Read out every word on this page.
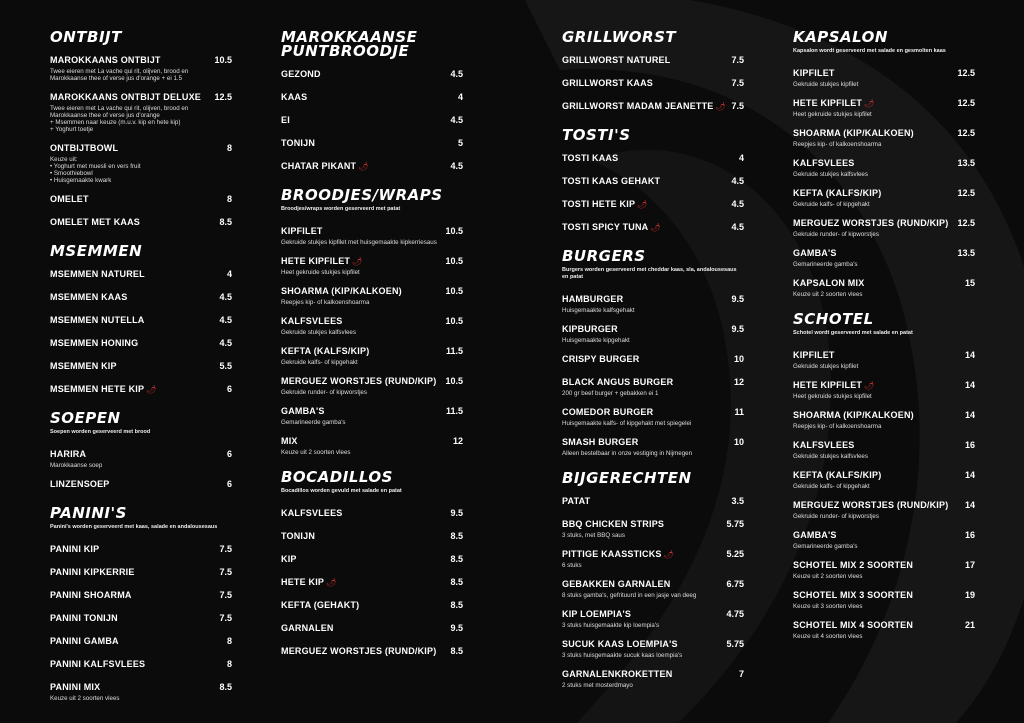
ONTBIJT
MAROKKAANS ONTBIJT	10.5
Twee eieren met La vache qui rit, olijven, brood en
Marokkaanse thee of verse jus d'orange + ei 1.5
MAROKKAANS ONTBIJT DELUXE 12.5
Twee eieren met La vache qui rit, olijven, brood en
Marokkaanse thee of verse jus d'orange
+ Msemmen naar keuze (m.u.v. kip en hete kip)
+ Yoghurt toetje
ONTBIJTBOWL	8
Keuze uit:
• Yoghurt met muesli en vers fruit
• Smoothiebowl
• Huisgemaakte kwark
OMELET	8
OMELET MET KAAS	8.5
MSEMMEN
MSEMMEN NATUREL	4
MSEMMEN KAAS	4.5
MSEMMEN NUTELLA	4.5
MSEMMEN HONING	4.5
MSEMMEN KIP	5.5
MSEMMEN HETE KIP 🌶	6
SOEPEN
Soepen worden geserveerd met brood
HARIRA	6
Marokkaanse soep
LINZENSOEP	6
PANINI'S
Panini's worden geserveerd met kaas, salade en andalousesaus
PANINI KIP	7.5
PANINI KIPKERRIE	7.5
PANINI SHOARMA	7.5
PANINI TONIJN	7.5
PANINI GAMBA	8
PANINI KALFSVLEES	8
PANINI MIX	8.5
Keuze uit 2 soorten vlees
MAROKKAANSE PUNTBROODJE
GEZOND	4.5
KAAS	4
EI	4.5
TONIJN	5
CHATAR PIKANT 🌶	4.5
BROODJES/WRAPS
Broodjes/wraps worden geserveerd met patat
KIPFILET	10.5
Gekruide stukjes kipfilet met huisgemaakte kipkerriesaus
HETE KIPFILET 🌶	10.5
Heet gekruide stukjes kipfilet
SHOARMA (KIP/KALKOEN)	10.5
Reepjes kip- of kalkoenshoarma
KALFSVLEES	10.5
Gekruide stukjes kalfsvlees
KEFTA (KALFS/KIP)	11.5
Gekruide kalfs- of kipgehakt
MERGUEZ WORSTJES (RUND/KIP) 10.5
Gekruide runder- of kipworstjes
GAMBA'S	11.5
Gemarineerde gamba's
MIX	12
Keuze uit 2 soorten vlees
BOCADILLOS
Bocadillos worden gevuld met salade en patat
KALFSVLEES	9.5
TONIJN	8.5
KIP	8.5
HETE KIP 🌶	8.5
KEFTA (GEHAKT)	8.5
GARNALEN	9.5
MERGUEZ WORSTJES (RUND/KIP) 8.5
GRILLWORST
GRILLWORST NATUREL	7.5
GRILLWORST KAAS	7.5
GRILLWORST MADAM JEANETTE 🌶 7.5
TOSTI'S
TOSTI KAAS	4
TOSTI KAAS GEHAKT	4.5
TOSTI HETE KIP 🌶	4.5
TOSTI SPICY TUNA 🌶	4.5
BURGERS
Burgers worden geserveerd met cheddar kaas, sla, andalousesaus en patat
HAMBURGER	9.5
Huisgemaakte kalfsgehakt
KIPBURGER	9.5
Huisgemaakte kipgehakt
CRISPY BURGER	10
BLACK ANGUS BURGER	12
200 gr beef burger + gebakken ei 1
COMEDOR BURGER	11
Huisgemaakte kalfs- of kipgehakt met spiegelei
SMASH BURGER	10
Alleen bestelbaar in onze vestiging in Nijmegen
BIJGERECHTEN
PATAT	3.5
BBQ CHICKEN STRIPS	5.75
3 stuks, met BBQ saus
PITTIGE KAASSTICKS 🌶	5.25
6 stuks
GEBAKKEN GARNALEN	6.75
8 stuks gamba's, gefrituurd in een jasje van deeg
KIP LOEMPIA'S	4.75
3 stuks huisgemaakte kip loempia's
SUCUK KAAS LOEMPIA'S	5.75
3 stuks huisgemaakte sucuk kaas loempia's
GARNALENKROKETTEN	7
2 stuks met mosterdmayo
KAPSALON
Kapsalon wordt geserveerd met salade en gesmolten kaas
KIPFILET	12.5
Gekruide stukjes kipfilet
HETE KIPFILET 🌶	12.5
Heet gekruide stukjes kipfilet
SHOARMA (KIP/KALKOEN)	12.5
Reepjes kip- of kalkoenshoarma
KALFSVLEES	13.5
Gekruide stukjes kalfsvlees
KEFTA (KALFS/KIP)	12.5
Gekruide kalfs- of kipgehakt
MERGUEZ WORSTJES (RUND/KIP) 12.5
Gekruide runder- of kipworstjes
GAMBA'S	13.5
Gemarineerde gamba's
KAPSALON MIX	15
Keuze uit 2 soorten vlees
SCHOTEL
Schotel wordt geserveerd met salade en patat
KIPFILET	14
Gekruide stukjes kipfilet
HETE KIPFILET 🌶	14
Heet gekruide stukjes kipfilet
SHOARMA (KIP/KALKOEN)	14
Reepjes kip- of kalkoenshoarma
KALFSVLEES	16
Gekruide stukjes kalfsvlees
KEFTA (KALFS/KIP)	14
Gekruide kalfs- of kipgehakt
MERGUEZ WORSTJES (RUND/KIP) 14
Gekruide runder- of kipworstjes
GAMBA'S	16
Gemarineerde gamba's
SCHOTEL MIX 2 SOORTEN	17
Keuze uit 2 soorten vlees
SCHOTEL MIX 3 SOORTEN	19
Keuze uit 3 soorten vlees
SCHOTEL MIX 4 SOORTEN	21
Keuze uit 4 soorten vlees
